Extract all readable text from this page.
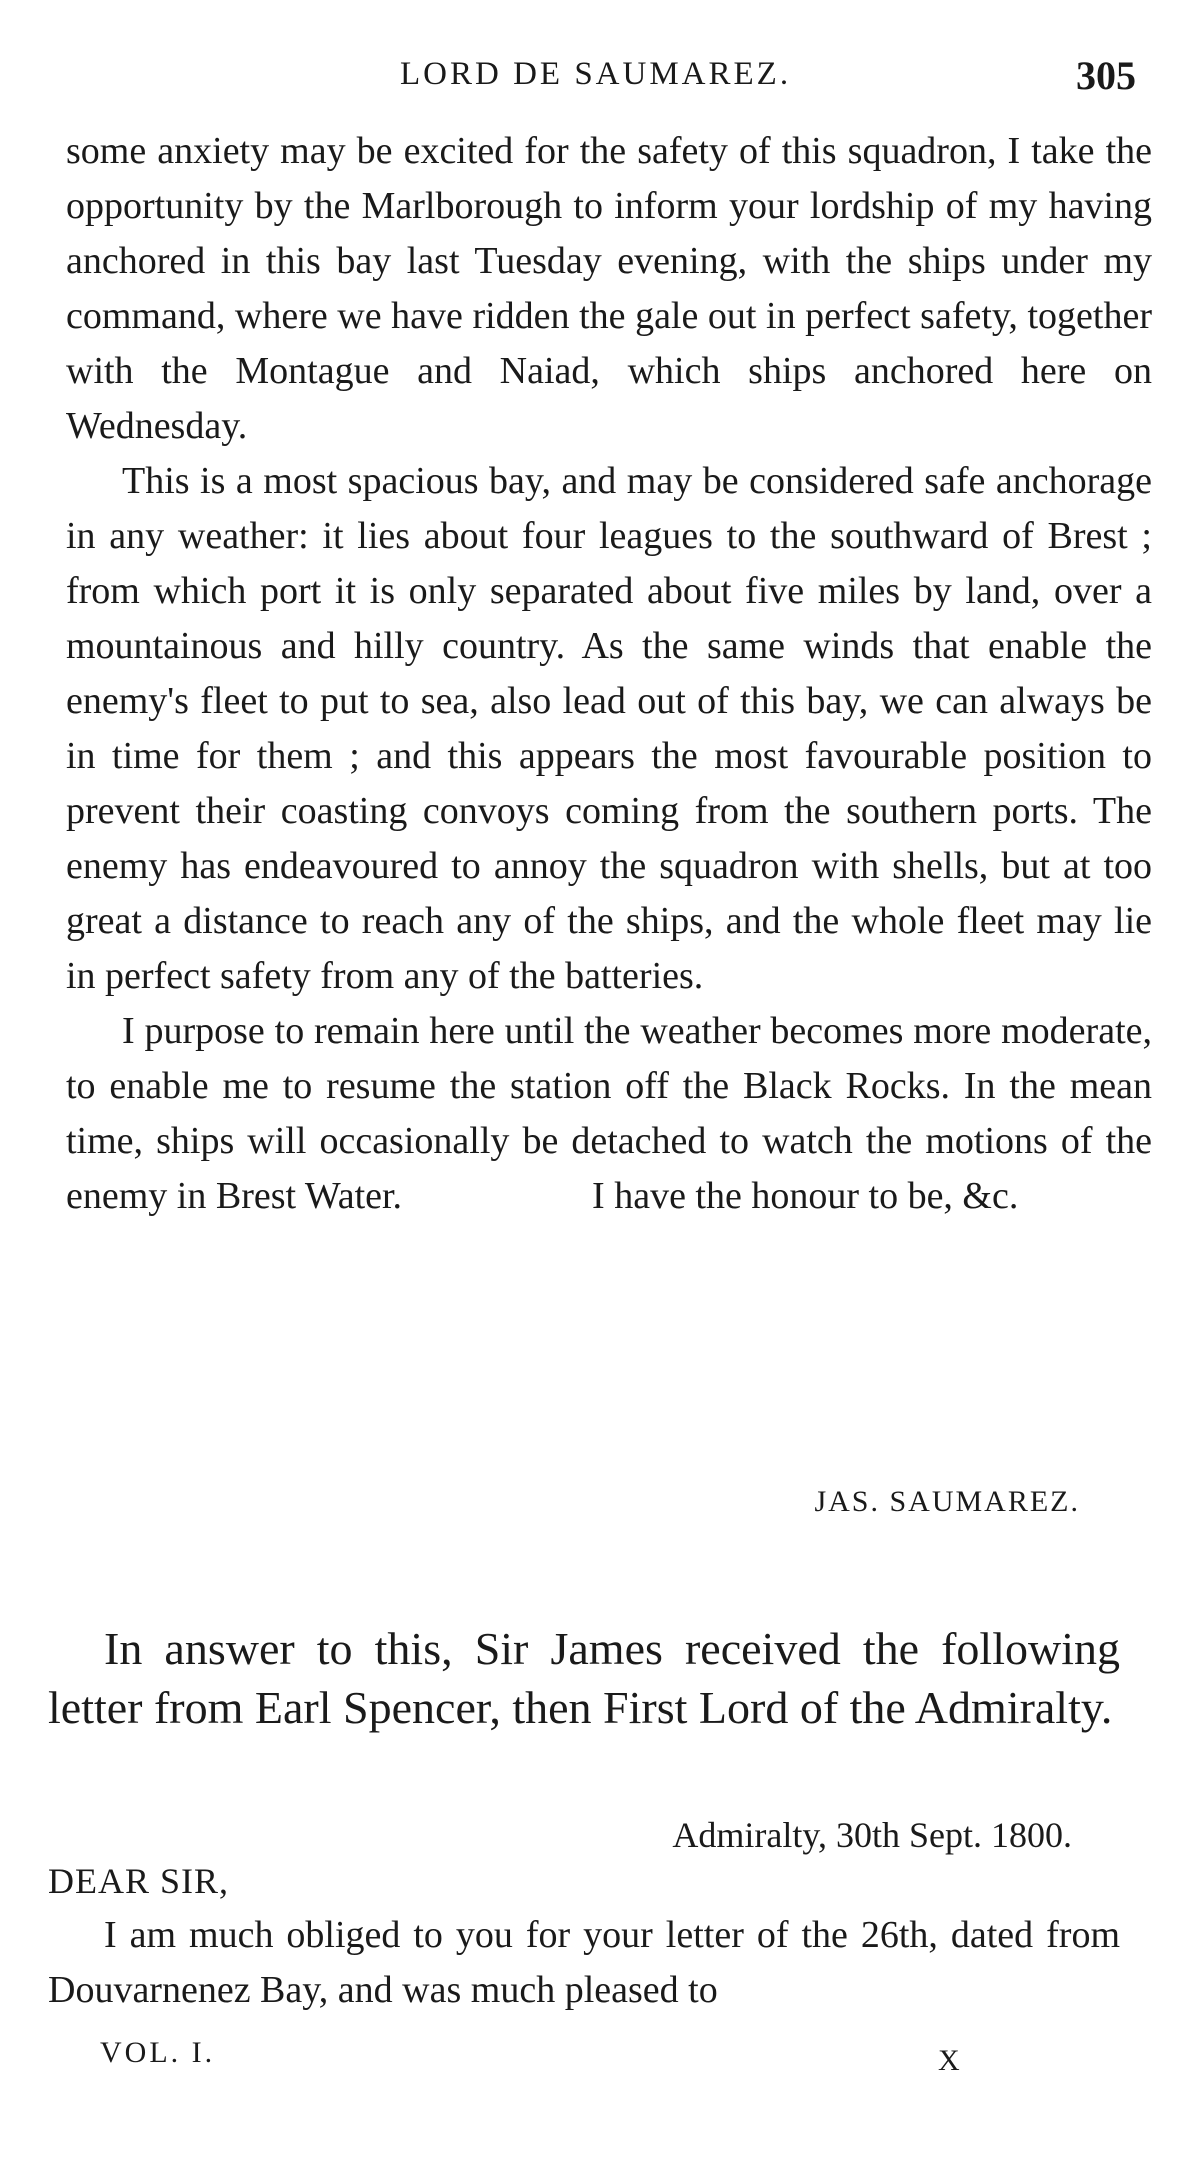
LORD DE SAUMAREZ.	305

some anxiety may be excited for the safety of this squadron, I take the opportunity by the Marlborough to inform your lordship of my having anchored in this bay last Tuesday evening, with the ships under my command, where we have ridden the gale out in perfect safety, together with the Montague and Naiad, which ships anchored here on Wednesday.

This is a most spacious bay, and may be considered safe anchorage in any weather: it lies about four leagues to the southward of Brest ; from which port it is only separated about five miles by land, over a mountainous and hilly country. As the same winds that enable the enemy's fleet to put to sea, also lead out of this bay, we can always be in time for them ; and this appears the most favourable position to prevent their coasting convoys coming from the southern ports. The enemy has endeavoured to annoy the squadron with shells, but at too great a distance to reach any of the ships, and the whole fleet may lie in perfect safety from any of the batteries.

I purpose to remain here until the weather becomes more moderate, to enable me to resume the station off the Black Rocks. In the mean time, ships will occasionally be detached to watch the motions of the enemy in Brest Water.	I have the honour to be, &c.

JAS. SAUMAREZ.

In answer to this, Sir James received the following letter from Earl Spencer, then First Lord of the Admiralty.

Admiralty, 30th Sept. 1800.
DEAR SIR,

I am much obliged to you for your letter of the 26th, dated from Douvarnenez Bay, and was much pleased to

VOL. I.	X
